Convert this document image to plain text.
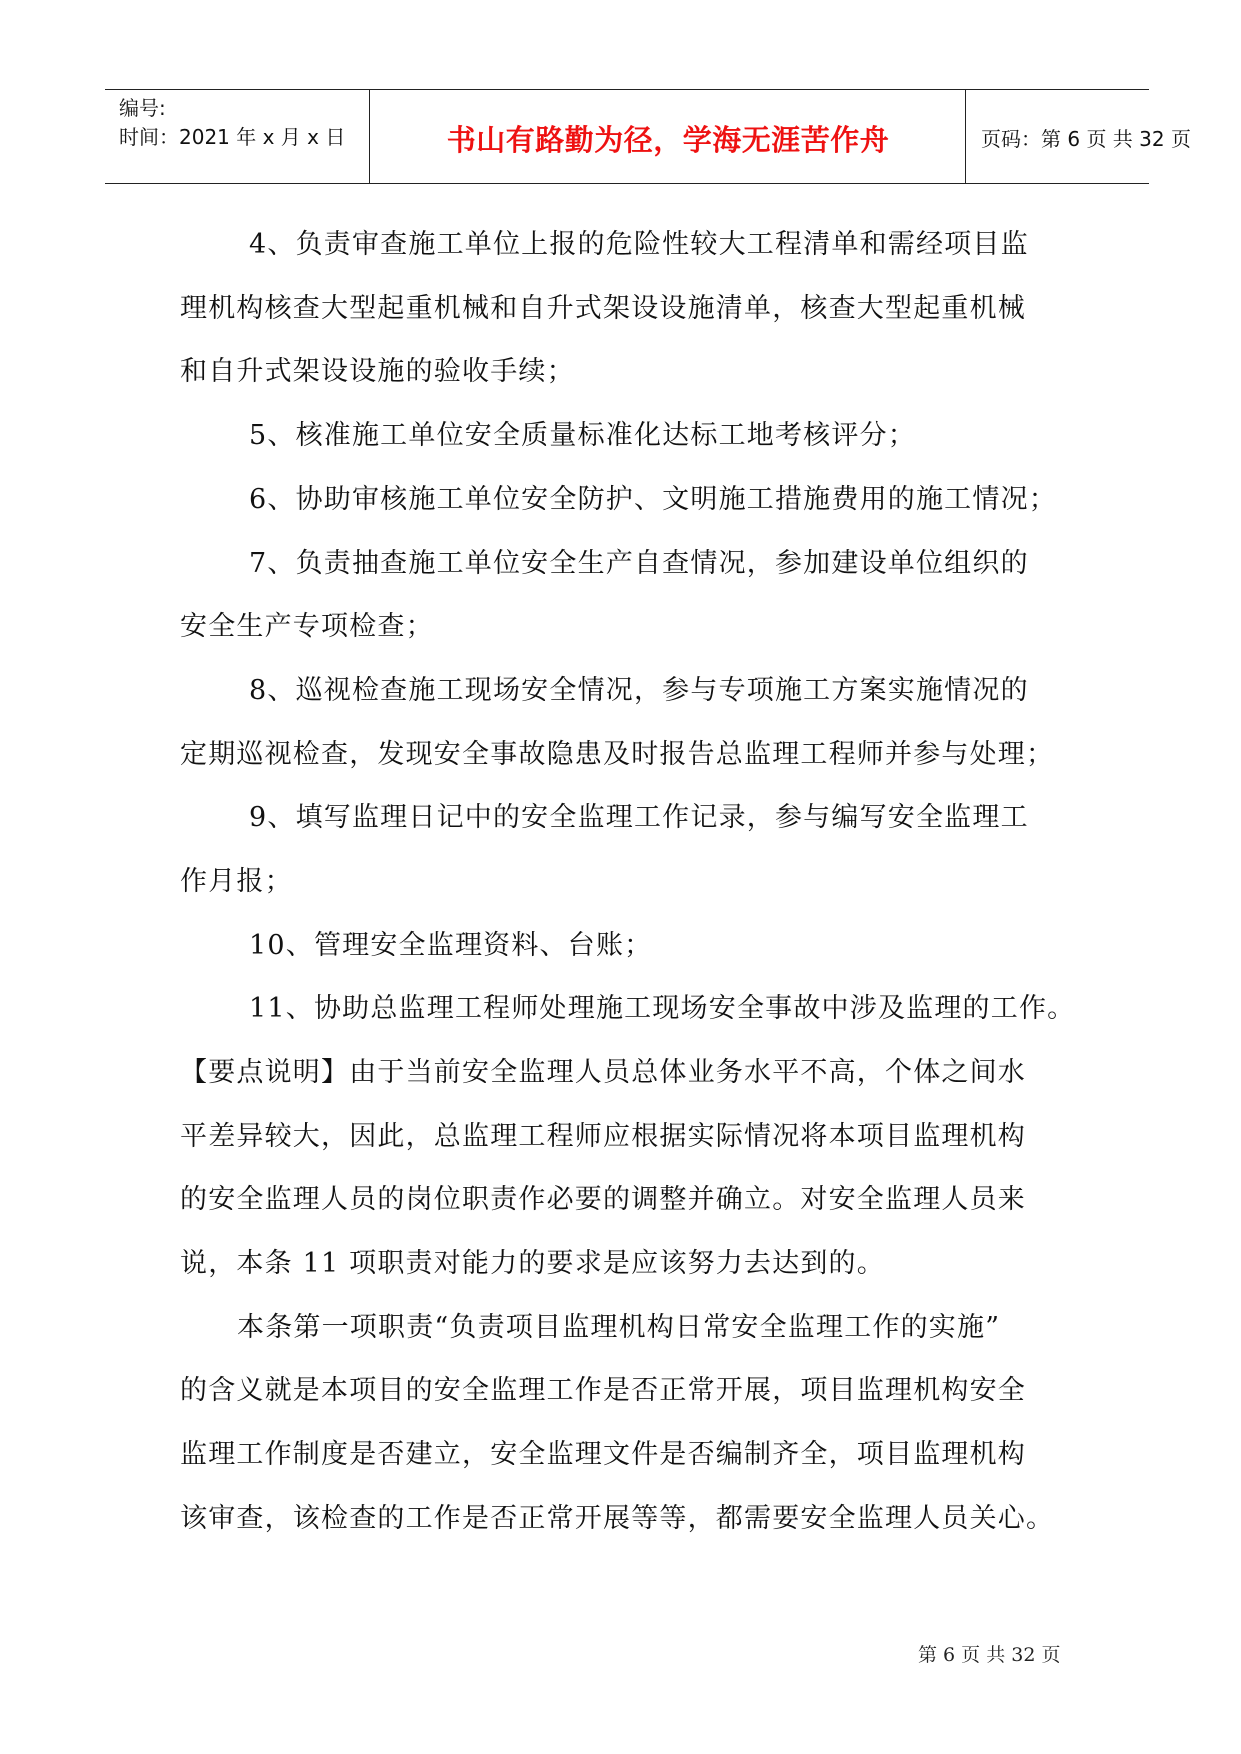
编号:
时间：2021 年 x 月 x 日	书山有路勤为径，学海无涯苦作舟	页码：第 6 页 共 32 页
4、负责审查施工单位上报的危险性较大工程清单和需经项目监
理机构核查大型起重机械和自升式架设设施清单，核查大型起重机械
和自升式架设设施的验收手续；
5、核准施工单位安全质量标准化达标工地考核评分；
6、协助审核施工单位安全防护、文明施工措施费用的施工情况；
7、负责抽查施工单位安全生产自查情况，参加建设单位组织的
安全生产专项检查；
8、巡视检查施工现场安全情况，参与专项施工方案实施情况的
定期巡视检查，发现安全事故隐患及时报告总监理工程师并参与处理；
9、填写监理日记中的安全监理工作记录，参与编写安全监理工
作月报；
10、管理安全监理资料、台账；
11、协助总监理工程师处理施工现场安全事故中涉及监理的工作。
【要点说明】由于当前安全监理人员总体业务水平不高，个体之间水
平差异较大，因此，总监理工程师应根据实际情况将本项目监理机构
的安全监理人员的岗位职责作必要的调整并确立。对安全监理人员来
说，本条 11 项职责对能力的要求是应该努力去达到的。
本条第一项职责“负责项目监理机构日常安全监理工作的实施”
的含义就是本项目的安全监理工作是否正常开展，项目监理机构安全
监理工作制度是否建立，安全监理文件是否编制齐全，项目监理机构
该审查，该检查的工作是否正常开展等等，都需要安全监理人员关心。
第 6 页 共 32 页
